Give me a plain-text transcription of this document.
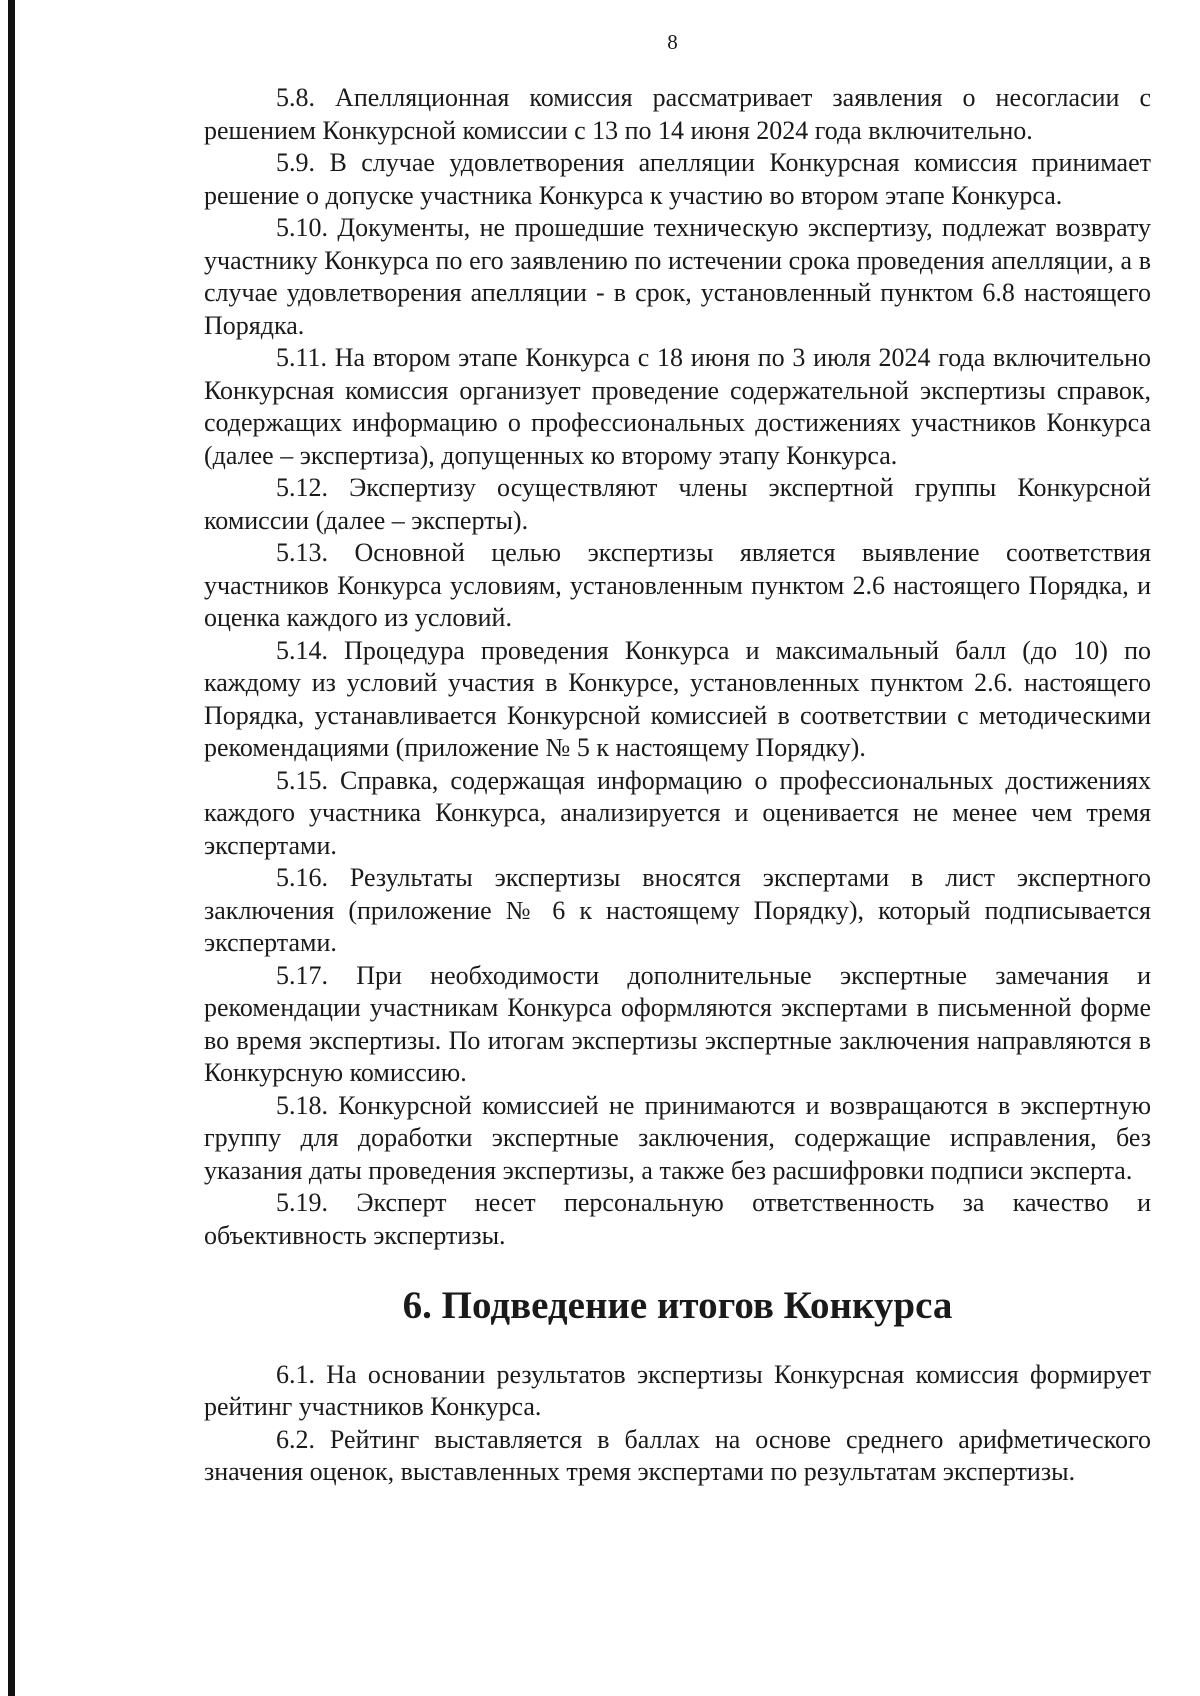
8

5.8. Апелляционная комиссия рассматривает заявления о несогласии с решением Конкурсной комиссии с 13 по 14 июня 2024 года включительно.

5.9. В случае удовлетворения апелляции Конкурсная комиссия принимает решение о допуске участника Конкурса к участию во втором этапе Конкурса.

5.10. Документы, не прошедшие техническую экспертизу, подлежат возврату участнику Конкурса по его заявлению по истечении срока проведения апелляции, а в случае удовлетворения апелляции - в срок, установленный пунктом 6.8 настоящего Порядка.

5.11. На втором этапе Конкурса с 18 июня по 3 июля 2024 года включительно Конкурсная комиссия организует проведение содержательной экспертизы справок, содержащих информацию о профессиональных достижениях участников Конкурса (далее – экспертиза), допущенных ко второму этапу Конкурса.

5.12. Экспертизу осуществляют члены экспертной группы Конкурсной комиссии (далее – эксперты).

5.13. Основной целью экспертизы является выявление соответствия участников Конкурса условиям, установленным пунктом 2.6 настоящего Порядка, и оценка каждого из условий.

5.14. Процедура проведения Конкурса и максимальный балл (до 10) по каждому из условий участия в Конкурсе, установленных пунктом 2.6. настоящего Порядка, устанавливается Конкурсной комиссией в соответствии с методическими рекомендациями (приложение № 5 к настоящему Порядку).

5.15. Справка, содержащая информацию о профессиональных достижениях каждого участника Конкурса, анализируется и оценивается не менее чем тремя экспертами.

5.16. Результаты экспертизы вносятся экспертами в лист экспертного заключения (приложение № 6 к настоящему Порядку), который подписывается экспертами.

5.17. При необходимости дополнительные экспертные замечания и рекомендации участникам Конкурса оформляются экспертами в письменной форме во время экспертизы. По итогам экспертизы экспертные заключения направляются в Конкурсную комиссию.

5.18. Конкурсной комиссией не принимаются и возвращаются в экспертную группу для доработки экспертные заключения, содержащие исправления, без указания даты проведения экспертизы, а также без расшифровки подписи эксперта.

5.19. Эксперт несет персональную ответственность за качество и объективность экспертизы.

6. Подведение итогов Конкурса

6.1. На основании результатов экспертизы Конкурсная комиссия формирует рейтинг участников Конкурса.

6.2. Рейтинг выставляется в баллах на основе среднего арифметического значения оценок, выставленных тремя экспертами по результатам экспертизы.
